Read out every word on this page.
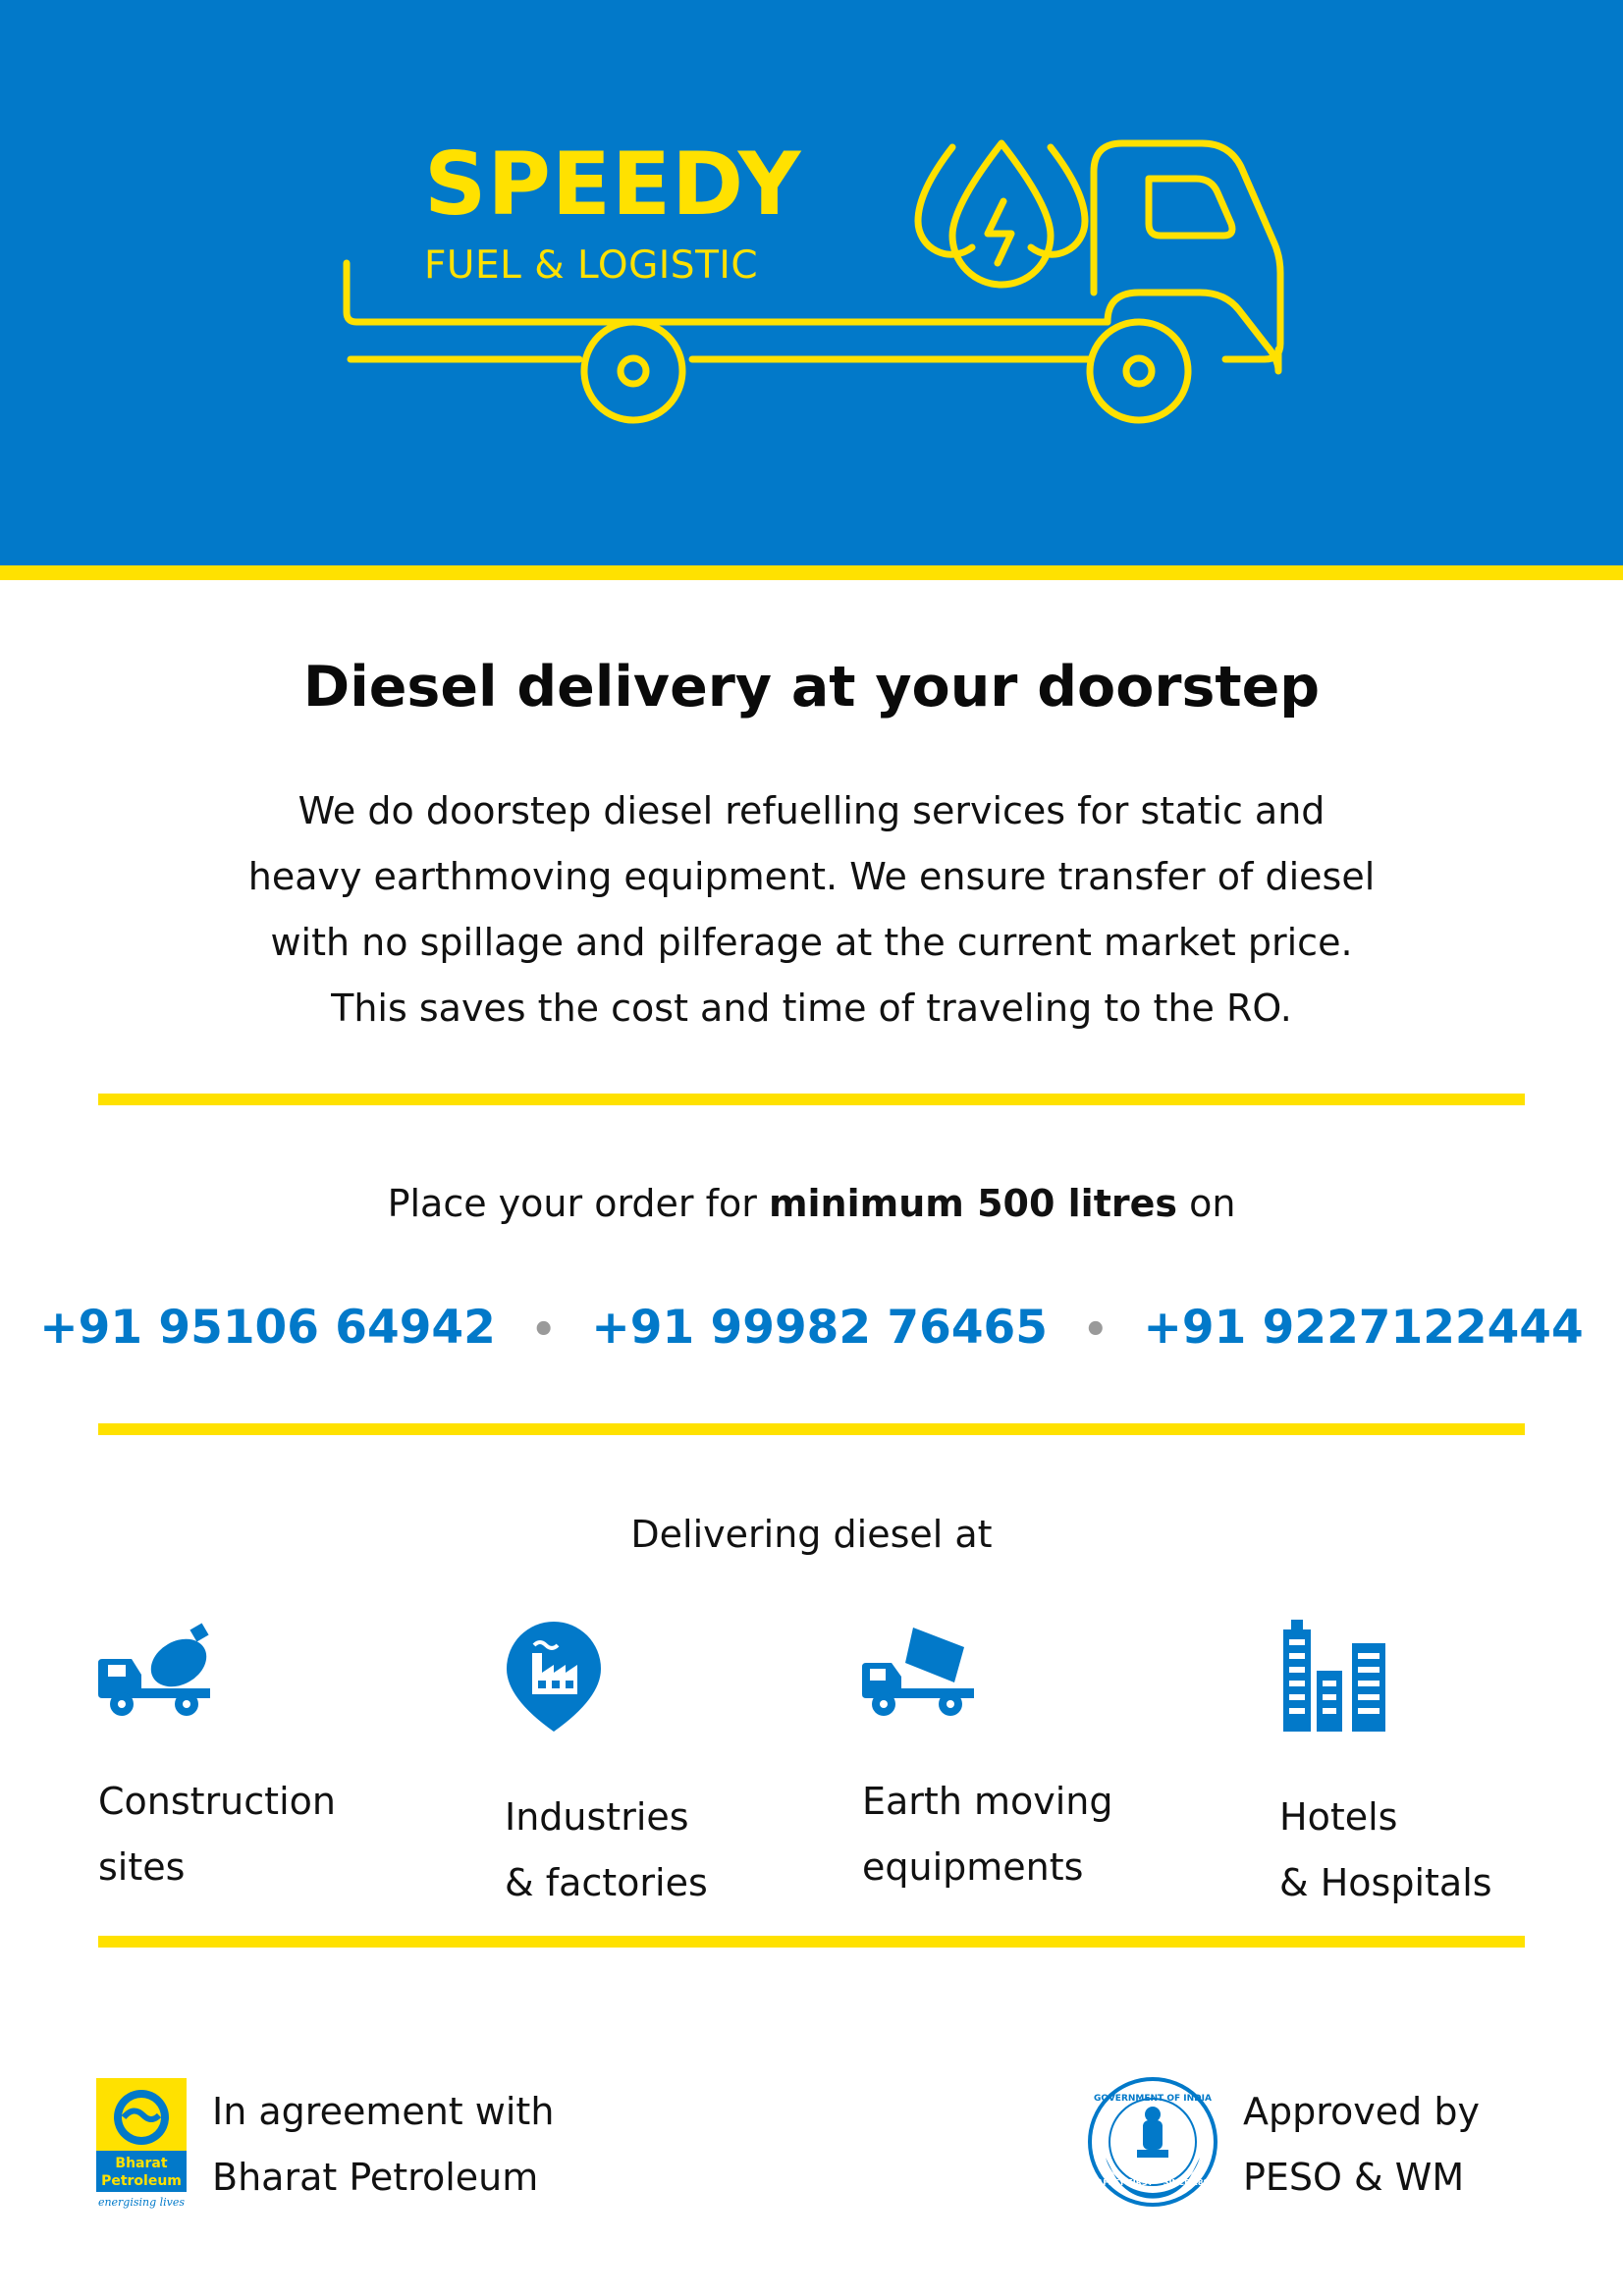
SPEEDY
FUEL & LOGISTIC
Diesel delivery at your doorstep
We do doorstep diesel refuelling services for static and
heavy earthmoving equipment. We ensure transfer of diesel
with no spillage and pilferage at the current market price.
This saves the cost and time of traveling to the RO.
Place your order for minimum 500 litres on
+91 95106 64942 • +91 99982 76465 • +91 9227122444
Delivering diesel at
Construction
sites
Industries
& factories
Earth moving
equipments
Hotels
& Hospitals
Bharat
Petroleum
energising lives
In agreement with
Bharat Petroleum
GOVERNMENT OF INDIA
SAFETY FIRST • SINCE 1898
Approved by
PESO & WM
